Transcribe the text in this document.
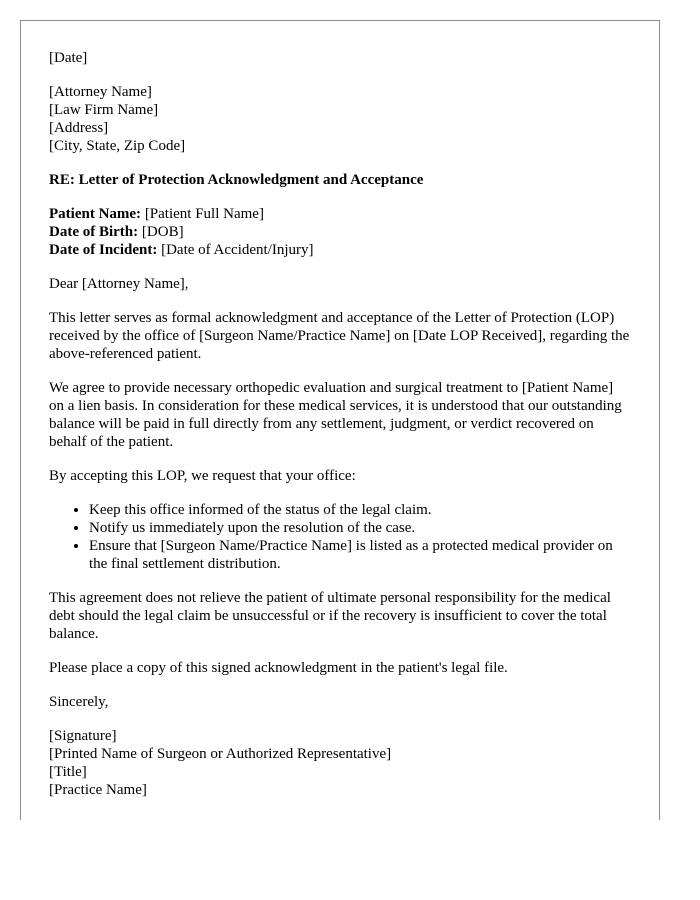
[Date]

[Attorney Name]
[Law Firm Name]
[Address]
[City, State, Zip Code]

RE: Letter of Protection Acknowledgment and Acceptance

Patient Name: [Patient Full Name]
Date of Birth: [DOB]
Date of Incident: [Date of Accident/Injury]

Dear [Attorney Name],

This letter serves as formal acknowledgment and acceptance of the Letter of Protection (LOP) received by the office of [Surgeon Name/Practice Name] on [Date LOP Received], regarding the above-referenced patient.

We agree to provide necessary orthopedic evaluation and surgical treatment to [Patient Name] on a lien basis. In consideration for these medical services, it is understood that our outstanding balance will be paid in full directly from any settlement, judgment, or verdict recovered on behalf of the patient.

By accepting this LOP, we request that your office:

• Keep this office informed of the status of the legal claim.
• Notify us immediately upon the resolution of the case.
• Ensure that [Surgeon Name/Practice Name] is listed as a protected medical provider on the final settlement distribution.

This agreement does not relieve the patient of ultimate personal responsibility for the medical debt should the legal claim be unsuccessful or if the recovery is insufficient to cover the total balance.

Please place a copy of this signed acknowledgment in the patient's legal file.

Sincerely,

[Signature]
[Printed Name of Surgeon or Authorized Representative]
[Title]
[Practice Name]
